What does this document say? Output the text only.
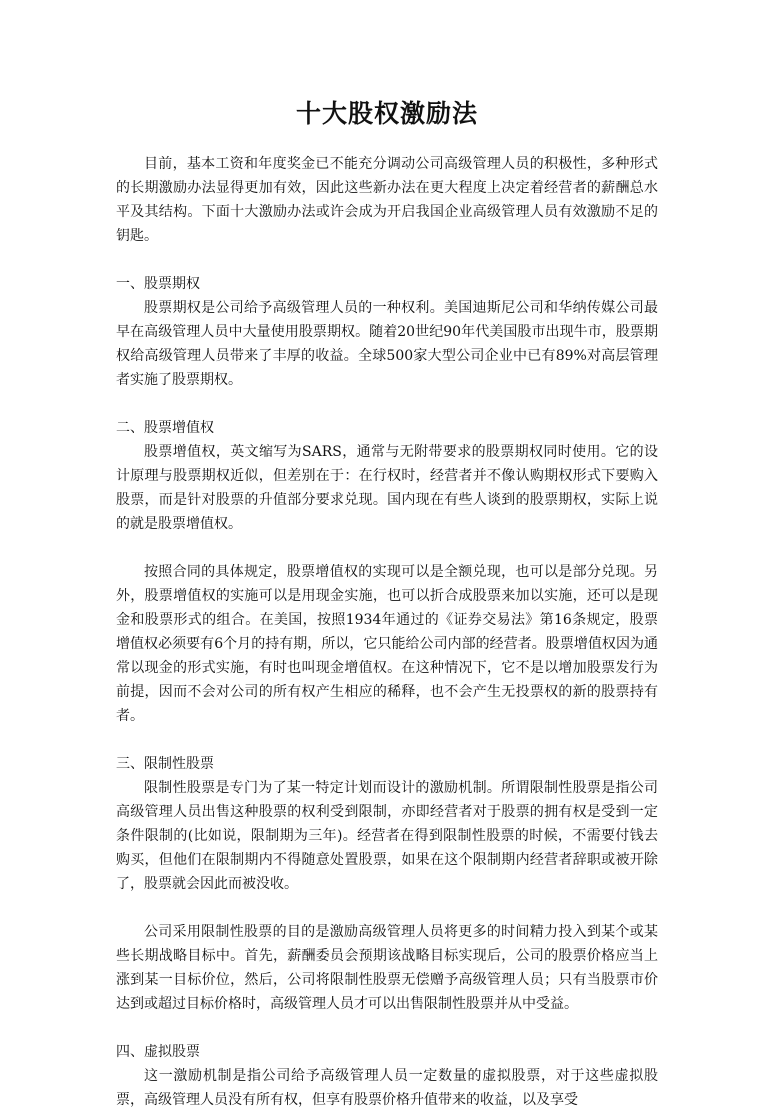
十大股权激励法

目前，基本工资和年度奖金已不能充分调动公司高级管理人员的积极性，多种形式的长期激励办法显得更加有效，因此这些新办法在更大程度上决定着经营者的薪酬总水平及其结构。下面十大激励办法或许会成为开启我国企业高级管理人员有效激励不足的钥匙。

一、股票期权

股票期权是公司给予高级管理人员的一种权利。美国迪斯尼公司和华纳传媒公司最早在高级管理人员中大量使用股票期权。随着20世纪90年代美国股市出现牛市，股票期权给高级管理人员带来了丰厚的收益。全球500家大型公司企业中已有89%对高层管理者实施了股票期权。

二、股票增值权

股票增值权，英文缩写为SARS，通常与无附带要求的股票期权同时使用。它的设计原理与股票期权近似，但差别在于：在行权时，经营者并不像认购期权形式下要购入股票，而是针对股票的升值部分要求兑现。国内现在有些人谈到的股票期权，实际上说的就是股票增值权。

按照合同的具体规定，股票增值权的实现可以是全额兑现，也可以是部分兑现。另外，股票增值权的实施可以是用现金实施，也可以折合成股票来加以实施，还可以是现金和股票形式的组合。在美国，按照1934年通过的《证券交易法》第16条规定，股票增值权必须要有6个月的持有期，所以，它只能给公司内部的经营者。股票增值权因为通常以现金的形式实施，有时也叫现金增值权。在这种情况下，它不是以增加股票发行为前提，因而不会对公司的所有权产生相应的稀释，也不会产生无投票权的新的股票持有者。

三、限制性股票

限制性股票是专门为了某一特定计划而设计的激励机制。所谓限制性股票是指公司高级管理人员出售这种股票的权利受到限制，亦即经营者对于股票的拥有权是受到一定条件限制的(比如说，限制期为三年)。经营者在得到限制性股票的时候，不需要付钱去购买，但他们在限制期内不得随意处置股票，如果在这个限制期内经营者辞职或被开除了，股票就会因此而被没收。

公司采用限制性股票的目的是激励高级管理人员将更多的时间精力投入到某个或某些长期战略目标中。首先，薪酬委员会预期该战略目标实现后，公司的股票价格应当上涨到某一目标价位，然后，公司将限制性股票无偿赠予高级管理人员；只有当股票市价达到或超过目标价格时，高级管理人员才可以出售限制性股票并从中受益。

四、虚拟股票

这一激励机制是指公司给予高级管理人员一定数量的虚拟股票，对于这些虚拟股票，高级管理人员没有所有权，但享有股票价格升值带来的收益，以及享受
